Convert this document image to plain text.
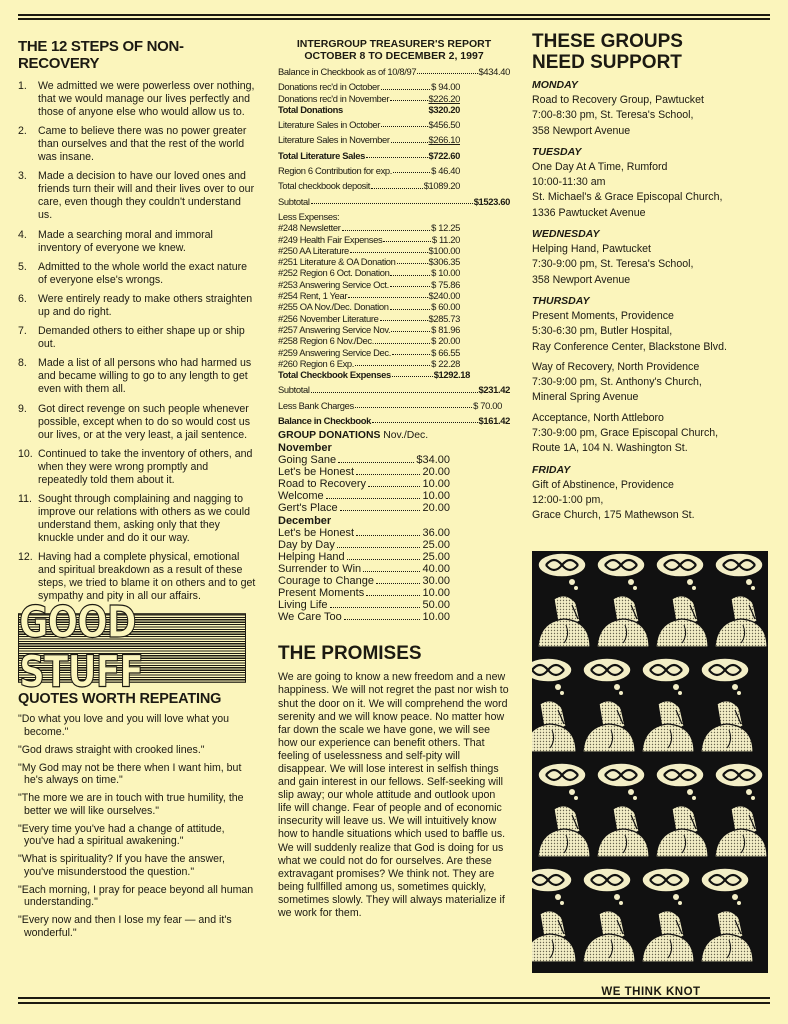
THE 12 STEPS OF NON-RECOVERY
1.	We admitted we were powerless over nothing, that we would manage our lives perfectly and those of anyone else who would allow us to.
2.	Came to believe there was no power greater than ourselves and that the rest of the world was insane.
3.	Made a decision to have our loved ones and friends turn their will and their lives over to our care, even though they couldn't understand us.
4.	Made a searching moral and immoral inventory of everyone we knew.
5.	Admitted to the whole world the exact nature of everyone else's wrongs.
6.	Were entirely ready to make others straighten up and do right.
7.	Demanded others to either shape up or ship out.
8.	Made a list of all persons who had harmed us and became willing to go to any length to get even with them all.
9.	Got direct revenge on such people whenever possible, except when to do so would cost us our lives, or at the very least, a jail sentence.
10. Continued to take the inventory of others, and when they were wrong promptly and repeatedly told them about it.
11. Sought through complaining and nagging to improve our relations with others as we could understand them, asking only that they knuckle under and do it our way.
12. Having had a complete physical, emotional and spiritual breakdown as a result of these steps, we tried to blame it on others and to get sympathy and pity in all our affairs.
GOOD STUFF
QUOTES WORTH REPEATING
"Do what you love and you will love what you become."
"God draws straight with crooked lines."
"My God may not be there when I want him, but he's always on time."
"The more we are in touch with true humility, the better we will like ourselves."
"Every time you've had a change of attitude, you've had a spiritual awakening."
"What is spirituality? If you have the answer, you've misunderstood the question."
"Each morning, I pray for peace beyond all human understanding."
"Every now and then I lose my fear — and it's wonderful."
INTERGROUP TREASURER'S REPORT
OCTOBER 8 TO DECEMBER 2, 1997
Balance in Checkbook as of 10/8/97	$434.40
Donations rec'd in October	$ 94.00
Donations rec'd in November	$226.20
Total Donations	$320.20
Literature Sales in October	$456.50
Literature Sales in November	$266.10
Total Literature Sales	$722.60
Region 6 Contribution for exp.	$ 46.40
Total checkbook deposit	$1089.20
Subtotal	$1523.60
Less Expenses:
#248 Newsletter	$ 12.25
#249 Health Fair Expenses	$ 11.20
#250 AA Literature	$100.00
#251 Literature & OA Donation	$306.35
#252 Region 6 Oct. Donation	$ 10.00
#253 Answering Service Oct.	$ 75.86
#254 Rent, 1 Year	$240.00
#255 OA Nov./Dec. Donation	$ 60.00
#256 November Literature	$285.73
#257 Answering Service Nov.	$ 81.96
#258 Region 6 Nov./Dec.	$ 20.00
#259 Answering Service Dec.	$ 66.55
#260 Region 6 Exp.	$ 22.28
Total Checkbook Expenses	$1292.18
Subtotal	$231.42
Less Bank Charges	$ 70.00
Balance in Checkbook	$161.42
GROUP DONATIONS Nov./Dec.
November
Going Sane	$34.00
Let's be Honest	20.00
Road to Recovery	10.00
Welcome	10.00
Gert's Place	20.00
December
Let's be Honest	36.00
Day by Day	25.00
Helping Hand	25.00
Surrender to Win	40.00
Courage to Change	30.00
Present Moments	10.00
Living Life	50.00
We Care Too	10.00
THE PROMISES

We are going to know a new freedom and a new happiness. We will not regret the past nor wish to shut the door on it. We will comprehend the word serenity and we will know peace. No matter how far down the scale we have gone, we will see how our experience can benefit others. That feeling of uselessness and self-pity will disappear. We will lose interest in selfish things and gain interest in our fellows. Self-seeking will slip away; our whole attitude and outlook upon life will change. Fear of people and of economic insecurity will leave us. We will intuitively know how to handle situations which used to baffle us. We will suddenly realize that God is doing for us what we could not do for ourselves. Are these extravagant promises? We think not. They are being fullfilled among us, sometimes quickly, sometimes slowly. They will always materialize if we work for them.

THESE GROUPS
NEED SUPPORT
MONDAY
Road to Recovery Group, Pawtucket
7:00-8:30 pm, St. Teresa's School,
358 Newport Avenue
TUESDAY
One Day At A Time, Rumford
10:00-11:30 am
St. Michael's & Grace Episcopal Church,
1336 Pawtucket Avenue
WEDNESDAY
Helping Hand, Pawtucket
7:30-9:00 pm, St. Teresa's School,
358 Newport Avenue
THURSDAY
Present Moments, Providence
5:30-6:30 pm, Butler Hospital,
Ray Conference Center, Blackstone Blvd.
Way of Recovery, North Providence
7:30-9:00 pm, St. Anthony's Church,
Mineral Spring Avenue
Acceptance, North Attleboro
7:30-9:00 pm, Grace Episcopal Church,
Route 1A, 104 N. Washington St.
FRIDAY
Gift of Abstinence, Providence
12:00-1:00 pm,
Grace Church, 175 Mathewson St.
WE THINK KNOT
